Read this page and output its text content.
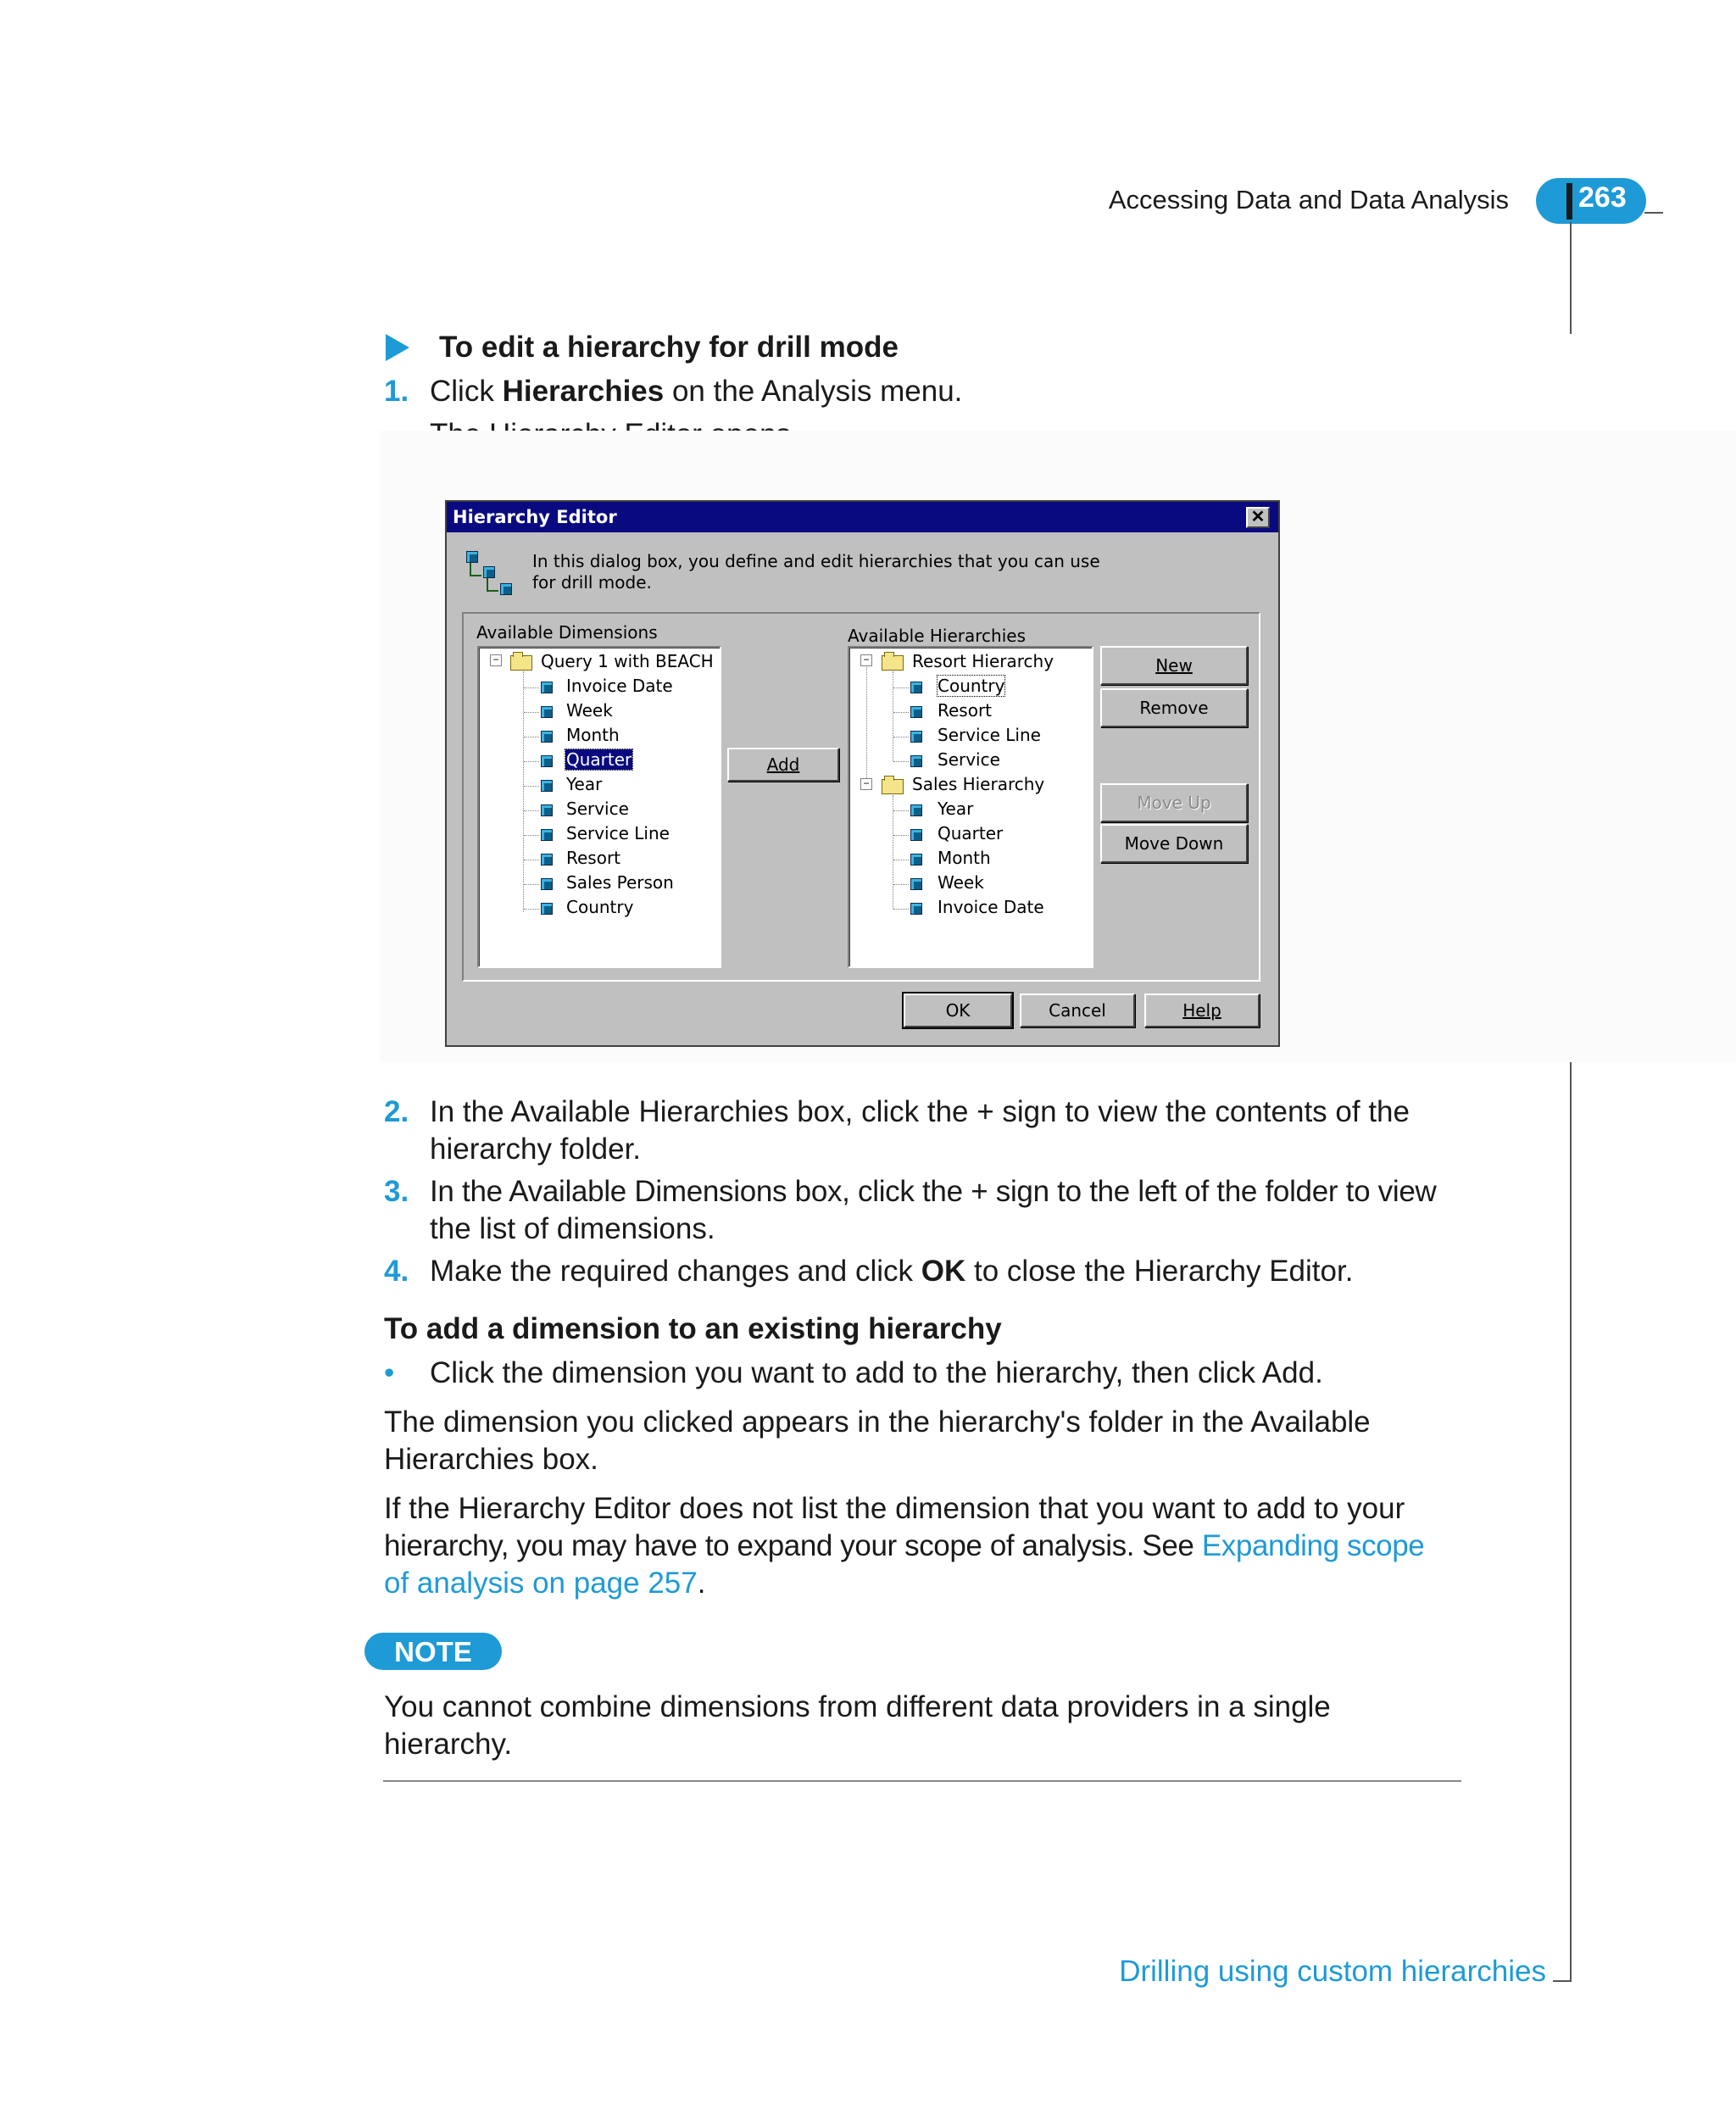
Accessing Data and Data Analysis 263
To edit a hierarchy for drill mode
1. Click Hierarchies on the Analysis menu.
Hierarchy Editor	✕
In this dialog box, you define and edit hierarchies that you can use
for drill mode.
Available Dimensions	Available Hierarchies
− Query 1 with BEACH
Invoice Date
Week
Month
Quarter
Year
Service
Service Line
Resort
Sales Person
Country
Add
−	Resort Hierarchy
Country
Resort
Service Line
Service
−	Sales Hierarchy
Year
Quarter
Month
Week
Invoice Date
New
Remove
Move Up
Move Down
OK	Cancel	Help
2. In the Available Hierarchies box, click the + sign to view the contents of the
hierarchy folder.
3. In the Available Dimensions box, click the + sign to the left of the folder to view
the list of dimensions.
4. Make the required changes and click OK to close the Hierarchy Editor.
To add a dimension to an existing hierarchy
• Click the dimension you want to add to the hierarchy, then click Add.
The dimension you clicked appears in the hierarchy's folder in the Available
Hierarchies box.
If the Hierarchy Editor does not list the dimension that you want to add to your
hierarchy, you may have to expand your scope of analysis. See Expanding scope
of analysis on page 257.
NOTE
You cannot combine dimensions from different data providers in a single
hierarchy.
Drilling using custom hierarchies
